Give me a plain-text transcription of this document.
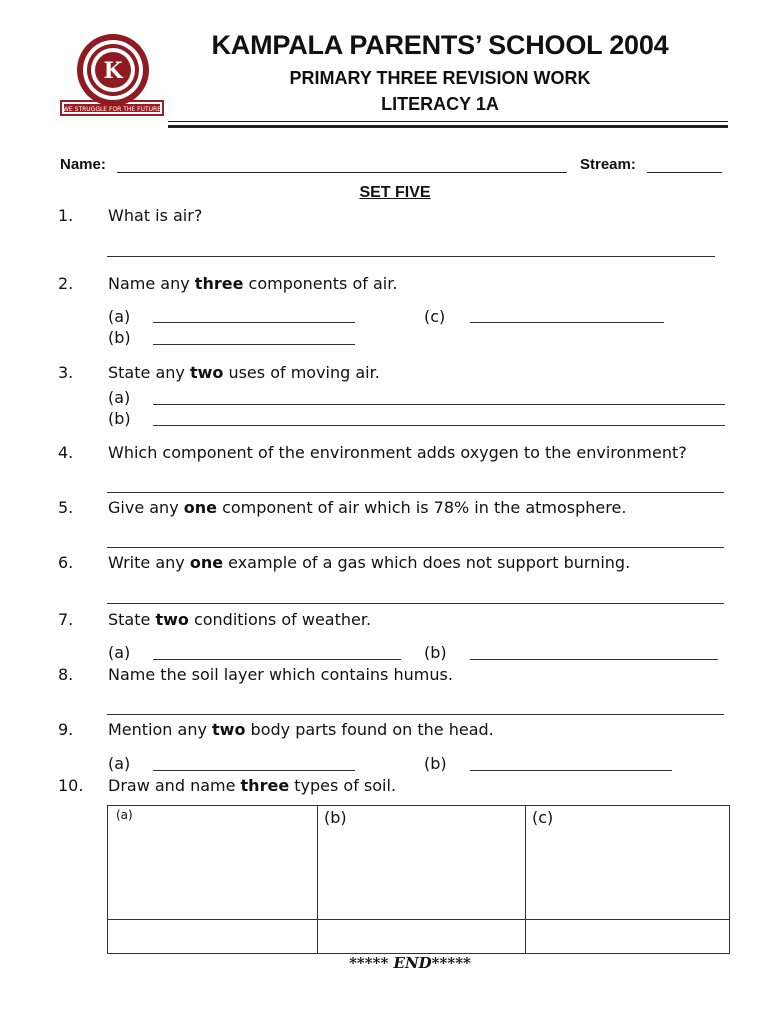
K
WE STRUGGLE FOR THE FUTURE
KAMPALA PARENTS’ SCHOOL 2004
PRIMARY THREE REVISION WORK
LITERACY 1A
Name:	Stream:
SET FIVE
1.	What is air?
2.	Name any three components of air.
(a)	(c)
(b)
3.	State any two uses of moving air.
(a)
(b)
4.	Which component of the environment adds oxygen to the environment?
5.	Give any one component of air which is 78% in the atmosphere.
6.	Write any one example of a gas which does not support burning.
7.	State two conditions of weather.
(a)	(b)
8.	Name the soil layer which contains humus.
9.	Mention any two body parts found on the head.
(a)	(b)
10.	Draw and name three types of soil.
(a)	(b)	(c)

***** END*****
